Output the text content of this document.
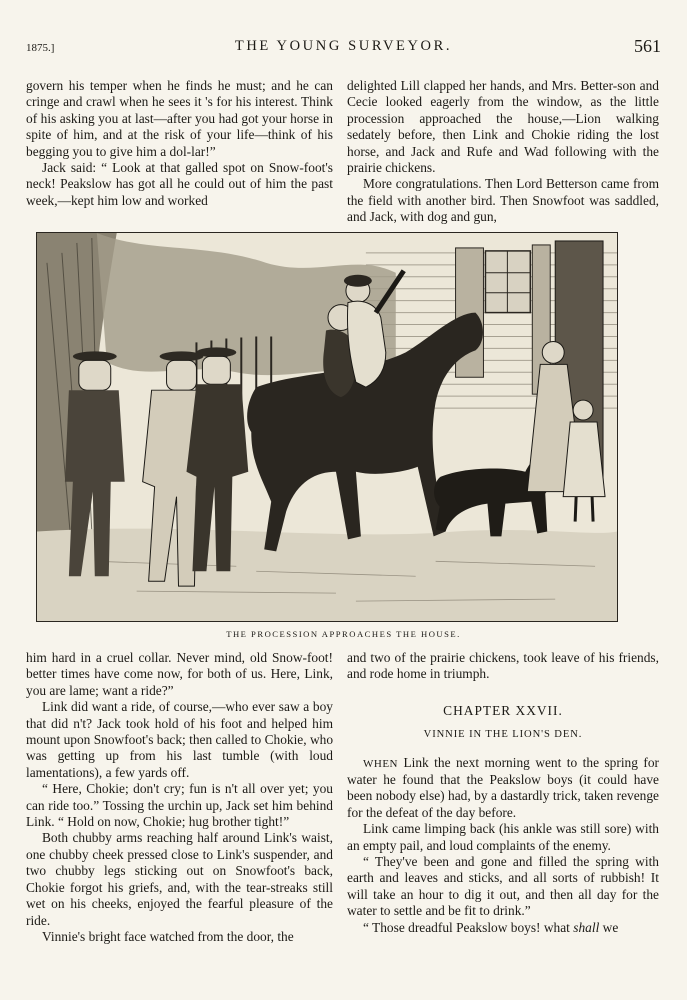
1875.]	THE YOUNG SURVEYOR.	561

govern his temper when he finds he must; and he can cringe and crawl when he sees it 's for his interest. Think of his asking you at last—after you had got your horse in spite of him, and at the risk of your life—think of his begging you to give him a dol-lar!”

Jack said: “ Look at that galled spot on Snow-foot's neck! Peakslow has got all he could out of him the past week,—kept him low and worked

delighted Lill clapped her hands, and Mrs. Better-son and Cecie looked eagerly from the window, as the little procession approached the house,—Lion walking sedately before, then Link and Chokie riding the lost horse, and Jack and Rufe and Wad following with the prairie chickens.

More congratulations. Then Lord Betterson came from the field with another bird. Then Snowfoot was saddled, and Jack, with dog and gun,

THE PROCESSION APPROACHES THE HOUSE.

him hard in a cruel collar. Never mind, old Snow-foot! better times have come now, for both of us. Here, Link, you are lame; want a ride?”

Link did want a ride, of course,—who ever saw a boy that did n't? Jack took hold of his foot and helped him mount upon Snowfoot's back; then called to Chokie, who was getting up from his last tumble (with loud lamentations), a few yards off.

“ Here, Chokie; don't cry; fun is n't all over yet; you can ride too.” Tossing the urchin up, Jack set him behind Link. “ Hold on now, Chokie; hug brother tight!”

Both chubby arms reaching half around Link's waist, one chubby cheek pressed close to Link's suspender, and two chubby legs sticking out on Snowfoot's back, Chokie forgot his griefs, and, with the tear-streaks still wet on his cheeks, enjoyed the fearful pleasure of the ride.

Vinnie's bright face watched from the door, the

and two of the prairie chickens, took leave of his friends, and rode home in triumph.

CHAPTER XXVII.
VINNIE IN THE LION'S DEN.

WHEN Link the next morning went to the spring for water he found that the Peakslow boys (it could have been nobody else) had, by a dastardly trick, taken revenge for the defeat of the day before.

Link came limping back (his ankle was still sore) with an empty pail, and loud complaints of the enemy.

“ They've been and gone and filled the spring with earth and leaves and sticks, and all sorts of rubbish! It will take an hour to dig it out, and then all day for the water to settle and be fit to drink.”

“ Those dreadful Peakslow boys! what shall we
